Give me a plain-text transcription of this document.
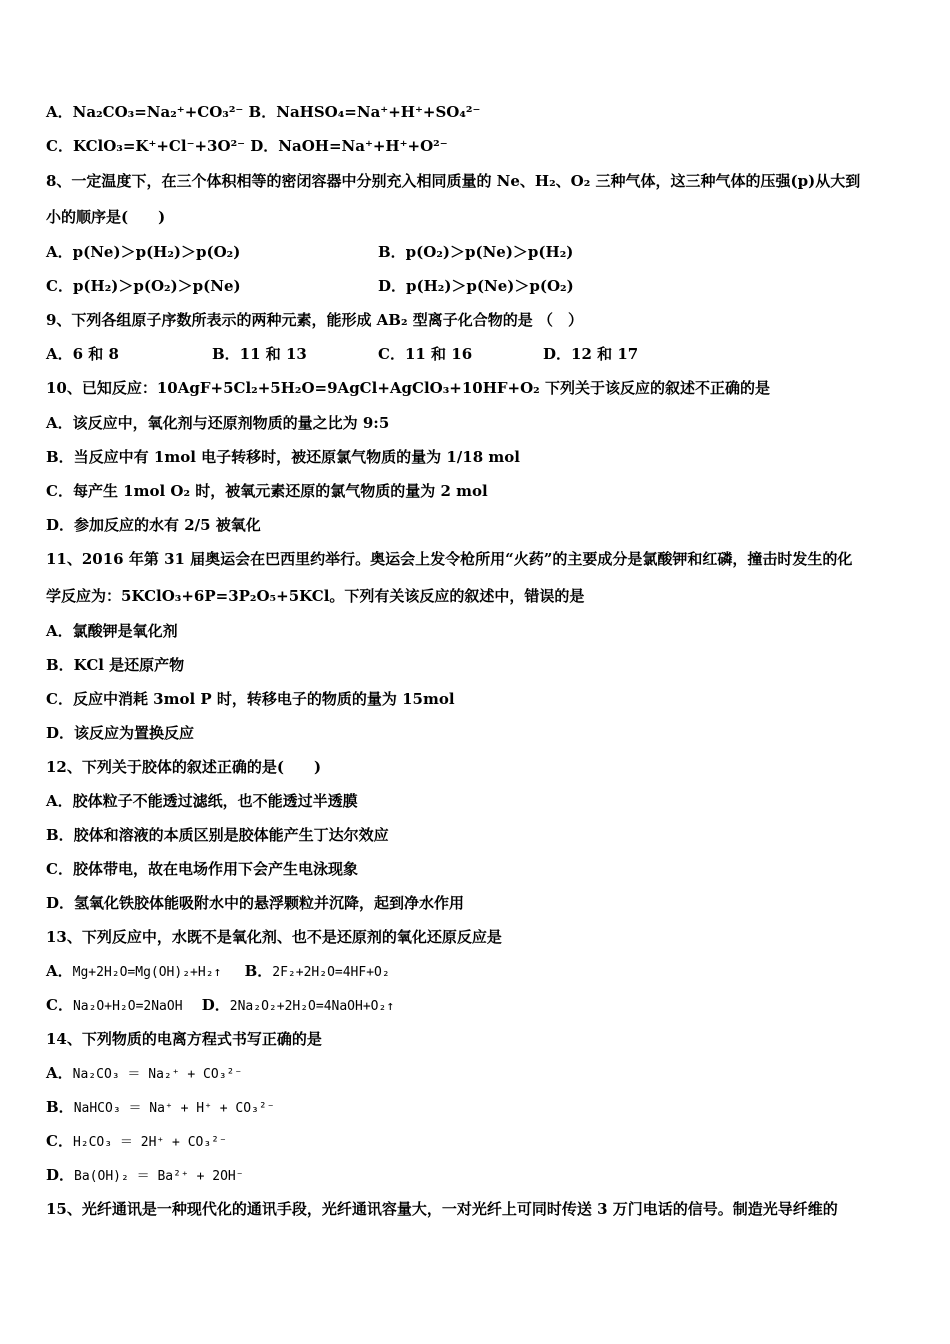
A．Na₂CO₃=Na₂⁺+CO₃²⁻ B．NaHSO₄=Na⁺+H⁺+SO₄²⁻
C．KClO₃=K⁺+Cl⁻+3O²⁻ D．NaOH=Na⁺+H⁺+O²⁻
8、一定温度下，在三个体积相等的密闭容器中分别充入相同质量的 Ne、H₂、O₂ 三种气体，这三种气体的压强(p)从大到
小的顺序是(　　)
A．p(Ne)＞p(H₂)＞p(O₂)	B．p(O₂)＞p(Ne)＞p(H₂)
C．p(H₂)＞p(O₂)＞p(Ne)	D．p(H₂)＞p(Ne)＞p(O₂)
9、下列各组原子序数所表示的两种元素，能形成 AB₂ 型离子化合物的是 （　）
A．6 和 8	B．11 和 13	C．11 和 16	D．12 和 17
10、已知反应：10AgF+5Cl₂+5H₂O=9AgCl+AgClO₃+10HF+O₂ 下列关于该反应的叙述不正确的是
A．该反应中，氧化剂与还原剂物质的量之比为 9:5
B．当反应中有 1mol 电子转移时，被还原氯气物质的量为 1/18 mol
C．每产生 1mol O₂ 时，被氧元素还原的氯气物质的量为 2 mol
D．参加反应的水有 2/5 被氧化
11、2016 年第 31 届奥运会在巴西里约举行。奥运会上发令枪所用“火药”的主要成分是氯酸钾和红磷，撞击时发生的化
学反应为：5KClO₃+6P=3P₂O₅+5KCl。下列有关该反应的叙述中，错误的是
A．氯酸钾是氧化剂
B．KCl 是还原产物
C．反应中消耗 3mol P 时，转移电子的物质的量为 15mol
D．该反应为置换反应
12、下列关于胶体的叙述正确的是(　　)
A．胶体粒子不能透过滤纸，也不能透过半透膜
B．胶体和溶液的本质区别是胶体能产生丁达尔效应
C．胶体带电，故在电场作用下会产生电泳现象
D．氢氧化铁胶体能吸附水中的悬浮颗粒并沉降，起到净水作用
13、下列反应中，水既不是氧化剂、也不是还原剂的氧化还原反应是
A．Mg+2H₂O=Mg(OH)₂+H₂↑ B．2F₂+2H₂O=4HF+O₂
C．Na₂O+H₂O=2NaOH D．2Na₂O₂+2H₂O=4NaOH+O₂↑
14、下列物质的电离方程式书写正确的是
A．Na₂CO₃ ＝ Na₂⁺ + CO₃²⁻
B．NaHCO₃ ＝ Na⁺ + H⁺ + CO₃²⁻
C．H₂CO₃ ＝ 2H⁺ + CO₃²⁻
D．Ba(OH)₂ ＝ Ba²⁺ + 2OH⁻
15、光纤通讯是一种现代化的通讯手段，光纤通讯容量大，一对光纤上可同时传送 3 万门电话的信号。制造光导纤维的
